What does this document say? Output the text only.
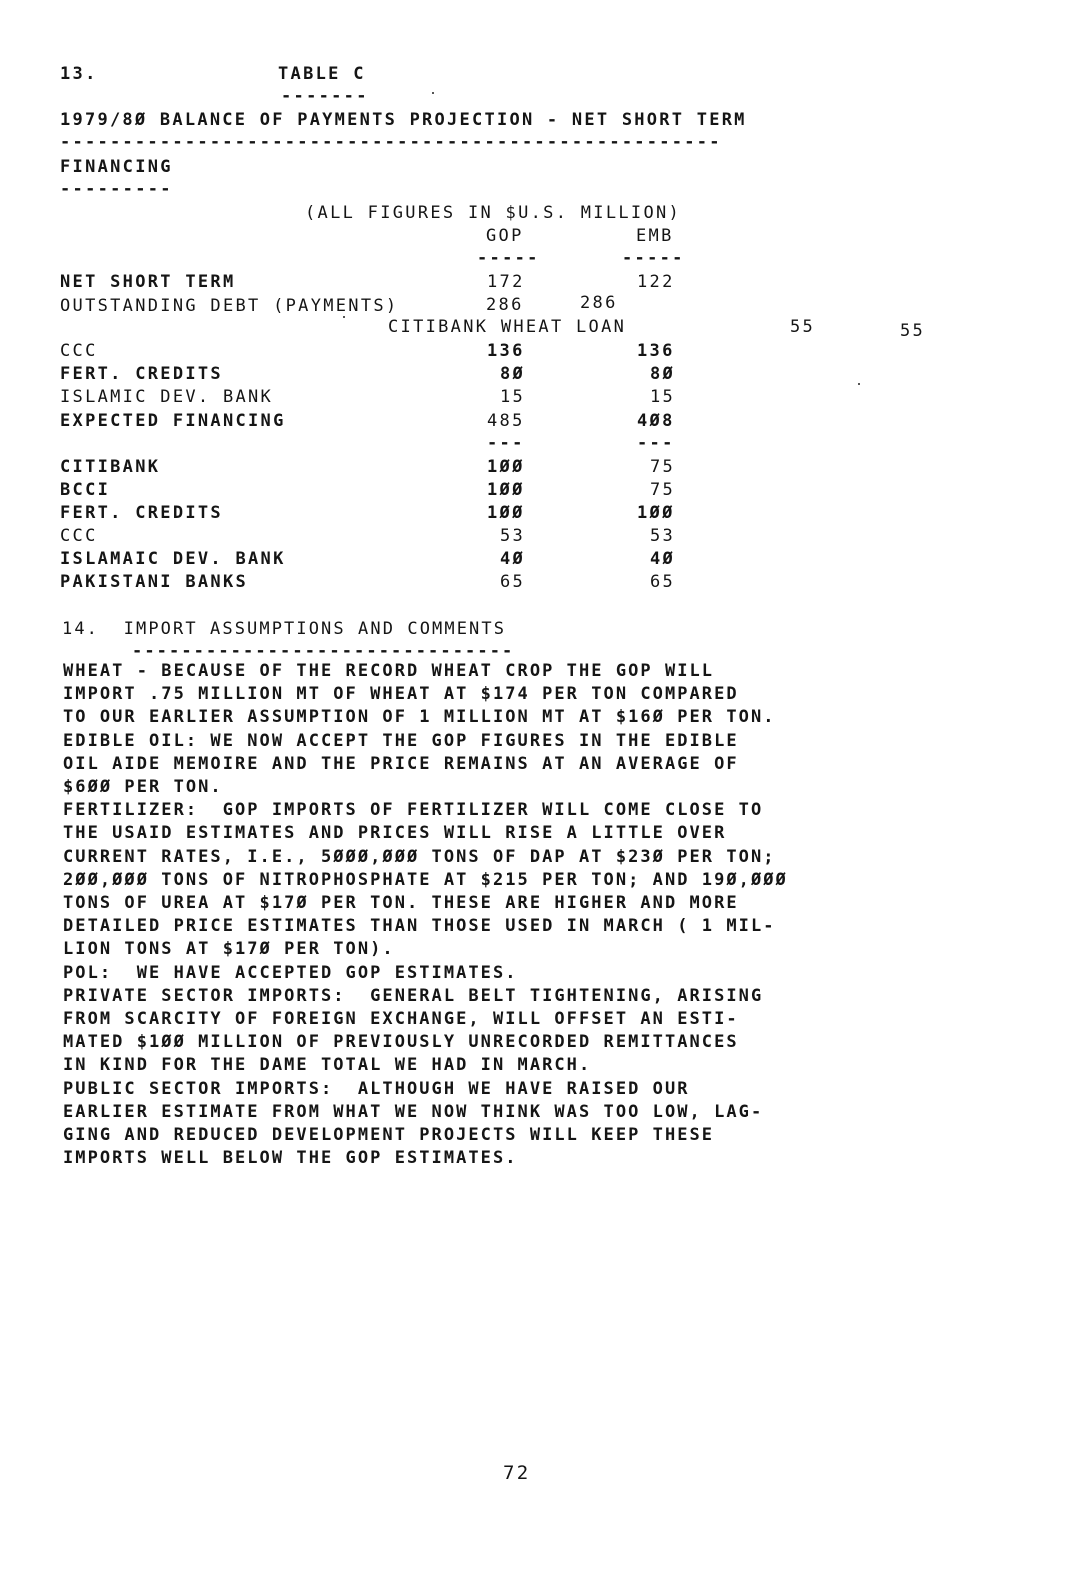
13.	TABLE C
-------
1979/8Ø BALANCE OF PAYMENTS PROJECTION - NET SHORT TERM
-----------------------------------------------------
FINANCING
---------
(ALL FIGURES IN $U.S. MILLION)
GOP	EMB
-----	-----
NET SHORT TERM	172	122
OUTSTANDING DEBT (PAYMENTS)	286	286
CITIBANK WHEAT LOAN	55	55
CCC	136	136
FERT. CREDITS	8Ø	8Ø
ISLAMIC DEV. BANK	15	15
EXPECTED FINANCING	485	4Ø8
---	---
CITIBANK	1ØØ	75
BCCI	1ØØ	75
FERT. CREDITS	1ØØ	1ØØ
CCC	53	53
ISLAMAIC DEV. BANK	4Ø	4Ø
PAKISTANI BANKS	65	65
14.  IMPORT ASSUMPTIONS AND COMMENTS
-------------------------------
WHEAT - BECAUSE OF THE RECORD WHEAT CROP THE GOP WILL
IMPORT .75 MILLION MT OF WHEAT AT $174 PER TON COMPARED
TO OUR EARLIER ASSUMPTION OF 1 MILLION MT AT $16Ø PER TON.
EDIBLE OIL: WE NOW ACCEPT THE GOP FIGURES IN THE EDIBLE
OIL AIDE MEMOIRE AND THE PRICE REMAINS AT AN AVERAGE OF
$6ØØ PER TON.
FERTILIZER:  GOP IMPORTS OF FERTILIZER WILL COME CLOSE TO
THE USAID ESTIMATES AND PRICES WILL RISE A LITTLE OVER
CURRENT RATES, I.E., 5ØØØ,ØØØ TONS OF DAP AT $23Ø PER TON;
2ØØ,ØØØ TONS OF NITROPHOSPHATE AT $215 PER TON; AND 19Ø,ØØØ
TONS OF UREA AT $17Ø PER TON. THESE ARE HIGHER AND MORE
DETAILED PRICE ESTIMATES THAN THOSE USED IN MARCH ( 1 MIL-
LION TONS AT $17Ø PER TON).
POL:  WE HAVE ACCEPTED GOP ESTIMATES.
PRIVATE SECTOR IMPORTS:  GENERAL BELT TIGHTENING, ARISING
FROM SCARCITY OF FOREIGN EXCHANGE, WILL OFFSET AN ESTI-
MATED $1ØØ MILLION OF PREVIOUSLY UNRECORDED REMITTANCES
IN KIND FOR THE DAME TOTAL WE HAD IN MARCH.
PUBLIC SECTOR IMPORTS:  ALTHOUGH WE HAVE RAISED OUR
EARLIER ESTIMATE FROM WHAT WE NOW THINK WAS TOO LOW, LAG-
GING AND REDUCED DEVELOPMENT PROJECTS WILL KEEP THESE
IMPORTS WELL BELOW THE GOP ESTIMATES.
72
